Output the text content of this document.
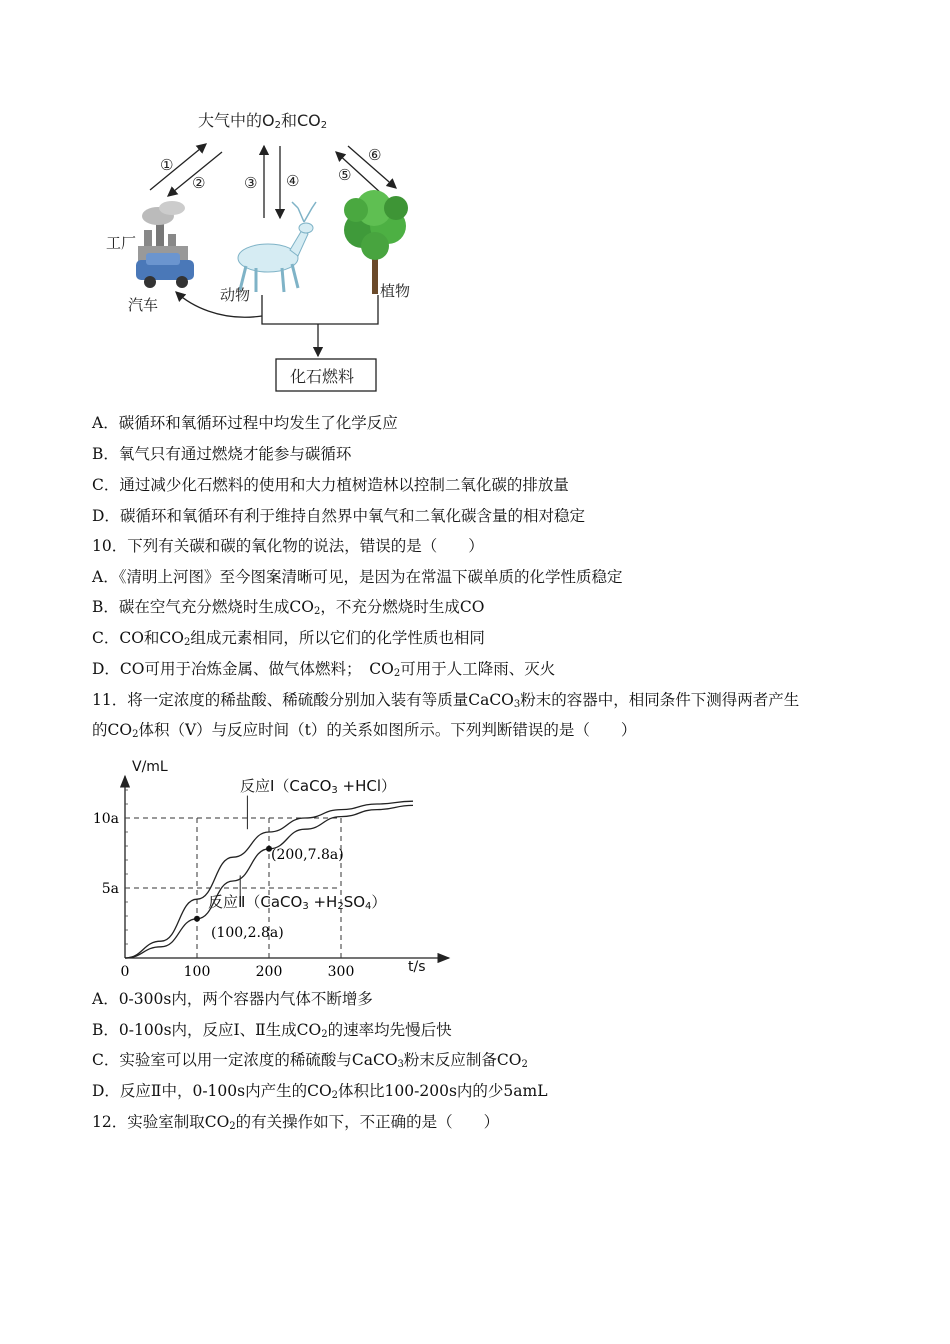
大气中的$O_2$和$CO_2$
①
②	③ ④	⑤
⑥
工厂
汽车
动物	植物
化石燃料
A．碳循环和氧循环过程中均发生了化学反应
B．氧气只有通过燃烧才能参与碳循环
C．通过减少化石燃料的使用和大力植树造林以控制二氧化碳的排放量
D．碳循环和氧循环有利于维持自然界中氧气和二氧化碳含量的相对稳定
10．下列有关碳和碳的氧化物的说法，错误的是（　　）
A．《清明上河图》至今图案清晰可见，是因为在常温下碳单质的化学性质稳定
B．碳在空气充分燃烧时生成$CO_2$，不充分燃烧时生成CO
C．CO和$CO_2$组成元素相同，所以它们的化学性质也相同
D．CO可用于冶炼金属、做气体燃料；　$CO_2$可用于人工降雨、灭火
11．将一定浓度的稀盐酸、稀硫酸分别加入装有等质量CaCO$_3$粉末的容器中，相同条件下测得两者产生
的$CO_2$体积（V）与反应时间（t）的关系如图所示。下列判断错误的是（　　）
5a
10a
0	100	200	300
(100,2.8a)
(200,7.8a)
V/mL
t/s
反应Ⅰ（CaCO$_3$ +HCl）
反应Ⅱ（CaCO$_3$ $+H_2SO_4$）
A．0-300s内，两个容器内气体不断增多
B．0-100s内，反应Ⅰ、Ⅱ生成$CO_2$的速率均先慢后快
C．实验室可以用一定浓度的稀硫酸与CaCO$_3$粉末反应制备$CO_2$
D．反应Ⅱ中，0-100s内产生的$CO_2$体积比100-200s内的少5amL
12．实验室制取$CO_2$的有关操作如下，不正确的是（　　）
